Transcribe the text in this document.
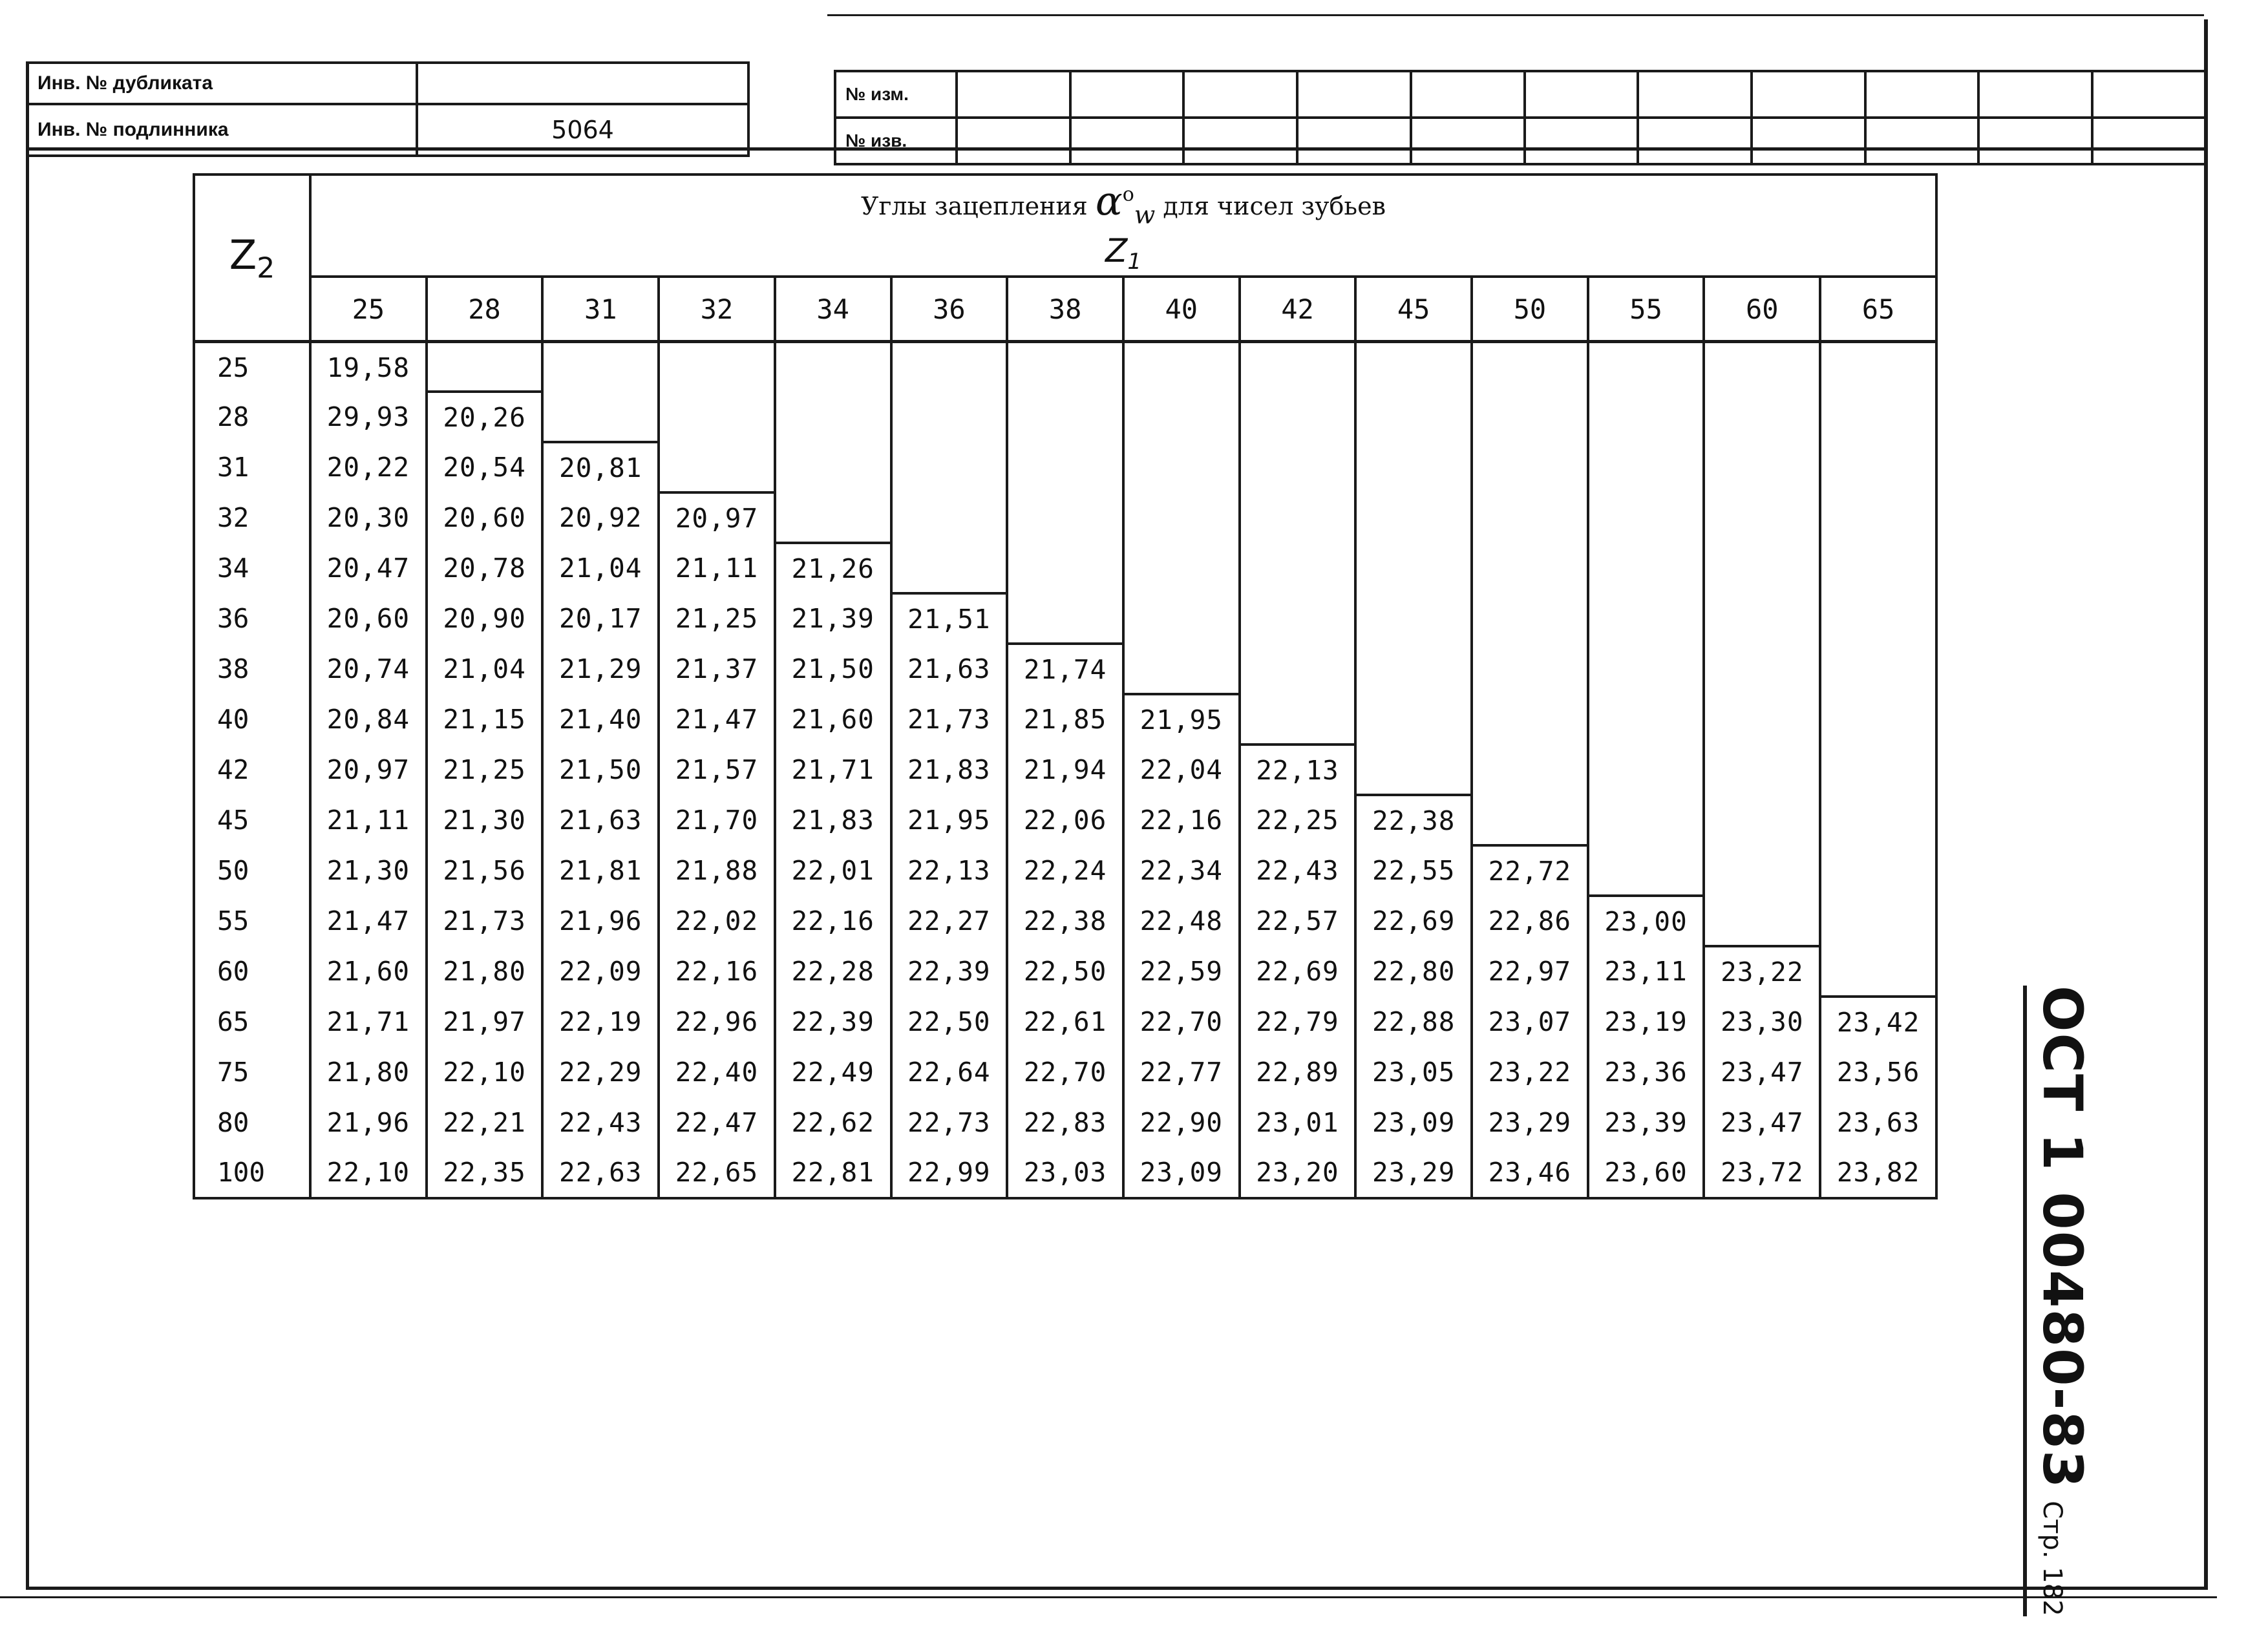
Инв. № дубликата	
Инв. № подлинника	5064
№ изм.											
№ изв.											
$Z_2$	Углы зацепления $\alpha^o_w$ для чисел зубьев
$Z_1$

	25	28	31	32	34	36	38	40	42	45	50	55	60	65
25	19,58													
28	29,93	20,26												
31	20,22	20,54	20,81											
32	20,30	20,60	20,92	20,97										
34	20,47	20,78	21,04	21,11	21,26									
36	20,60	20,90	20,17	21,25	21,39	21,51								
38	20,74	21,04	21,29	21,37	21,50	21,63	21,74							
40	20,84	21,15	21,40	21,47	21,60	21,73	21,85	21,95						
42	20,97	21,25	21,50	21,57	21,71	21,83	21,94	22,04	22,13					
45	21,11	21,30	21,63	21,70	21,83	21,95	22,06	22,16	22,25	22,38				
50	21,30	21,56	21,81	21,88	22,01	22,13	22,24	22,34	22,43	22,55	22,72			
55	21,47	21,73	21,96	22,02	22,16	22,27	22,38	22,48	22,57	22,69	22,86	23,00		
60	21,60	21,80	22,09	22,16	22,28	22,39	22,50	22,59	22,69	22,80	22,97	23,11	23,22	
65	21,71	21,97	22,19	22,96	22,39	22,50	22,61	22,70	22,79	22,88	23,07	23,19	23,30	23,42
75	21,80	22,10	22,29	22,40	22,49	22,64	22,70	22,77	22,89	23,05	23,22	23,36	23,47	23,56
80	21,96	22,21	22,43	22,47	22,62	22,73	22,83	22,90	23,01	23,09	23,29	23,39	23,47	23,63
100	22,10	22,35	22,63	22,65	22,81	22,99	23,03	23,09	23,20	23,29	23,46	23,60	23,72	23,82 ОСТ 1 00480-83Стр. 182
